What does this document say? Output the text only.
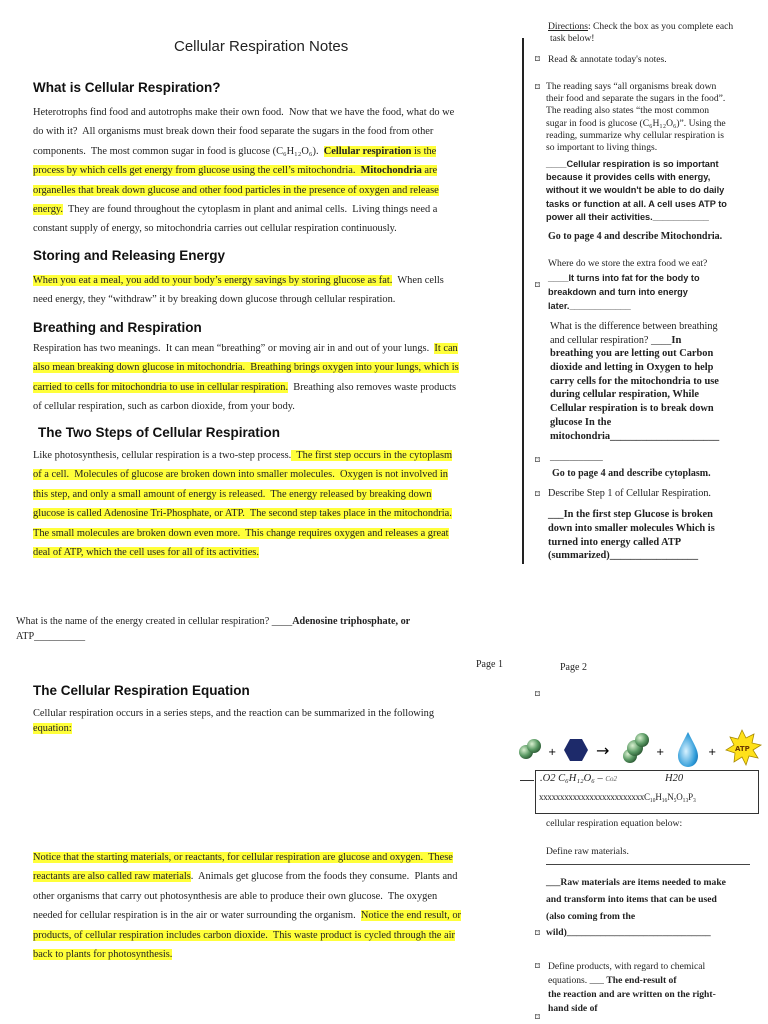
Cellular Respiration Notes
What is Cellular Respiration?
Heterotrophs find food and autotrophs make their own food.  Now that we have the food, what do we
do with it?  All organisms must break down their food separate the sugars in the food from other
components.  The most common sugar in food is glucose (C₆H₁₂O₆).  Cellular respiration is the
process by which cells get energy from glucose using the cell’s mitochondria.  Mitochondria are
organelles that break down glucose and other food particles in the presence of oxygen and release
energy.  They are found throughout the cytoplasm in plant and animal cells.  Living things need a
constant supply of energy, so mitochondria carries out cellular respiration continuously.
Storing and Releasing Energy
When you eat a meal, you add to your body’s energy savings by storing glucose as fat.  When cells
need energy, they “withdraw” it by breaking down glucose through cellular respiration.
Breathing and Respiration
Respiration has two meanings.  It can mean “breathing” or moving air in and out of your lungs.  It can
also mean breaking down glucose in mitochondria.  Breathing brings oxygen into your lungs, which is
carried to cells for mitochondria to use in cellular respiration.  Breathing also removes waste products
of cellular respiration, such as carbon dioxide, from your body.
The Two Steps of Cellular Respiration
Like photosynthesis, cellular respiration is a two-step process.  The first step occurs in the cytoplasm
of a cell.  Molecules of glucose are broken down into smaller molecules.  Oxygen is not involved in
this step, and only a small amount of energy is released.  The energy released by breaking down
glucose is called Adenosine Tri-Phosphate, or ATP.  The second step takes place in the mitochondria.
The small molecules are broken down even more.  This change requires oxygen and releases a great
deal of ATP, which the cell uses for all of its activities.
What is the name of the energy created in cellular respiration? ____Adenosine triphosphate, or
ATP__________
Page 1
Directions: Check the box as you complete each
task below!
⌑ Read & annotate today's notes.
⌑ The reading says “all organisms break down
their food and separate the sugars in the food”.
The reading also states “the most common
sugar in food is glucose (C₆H₁₂O₆)”. Using the
reading, summarize why cellular respiration is
so important to living things.
____Cellular respiration is so important
because it provides cells with energy,
without it we wouldn't be able to do daily
tasks or function at all. A cell uses ATP to
power all their activities.___________
Go to page 4 and describe Mitochondria.
Where do we store the extra food we eat?
⌑
____It turns into fat for the body to
breakdown and turn into energy
later.____________
What is the difference between breathing
and cellular respiration? ____In
breathing you are letting out Carbon
dioxide and letting in Oxygen to help
carry cells for the mitochondria to use
during cellular respiration, While
Cellular respiration is to break down
glucose In the
mitochondria_____________________
⌑ ___________
Go to page 4 and describe cytoplasm.
⌑ Describe Step 1 of Cellular Respiration.
___In the first step Glucose is broken
down into smaller molecules Which is
turned into energy called ATP
(summarized)_________________
Page 2
The Cellular Respiration Equation
Cellular respiration occurs in a series steps, and the reaction can be summarized in the following
equation:
Notice that the starting materials, or reactants, for cellular respiration are glucose and oxygen.  These
reactants are also called raw materials.  Animals get glucose from the foods they consume.  Plants and
other organisms that carry out photosynthesis are able to produce their own glucose.  The oxygen
needed for cellular respiration is in the air or water surrounding the organism.  Notice the end result, or
products, of cellular respiration includes carbon dioxide.  This waste product is cycled through the air
back to plants for photosynthesis.
⌑
+ →	+	+	ATP
.O2 C₆H₁₂O₆ – Co2	H20
xxxxxxxxxxxxxxxxxxxxxxxxxC₁₀H₁₆N₅O₁₃P₃
cellular respiration equation below:
Define raw materials.
___Raw materials are items needed to make
and transform into items that can be used
(also coming from the
⌑ wild)______________________________
⌑ Define products, with regard to chemical
equations. ___ The end-result of
the reaction and are written on the right-
hand side of
⌑
